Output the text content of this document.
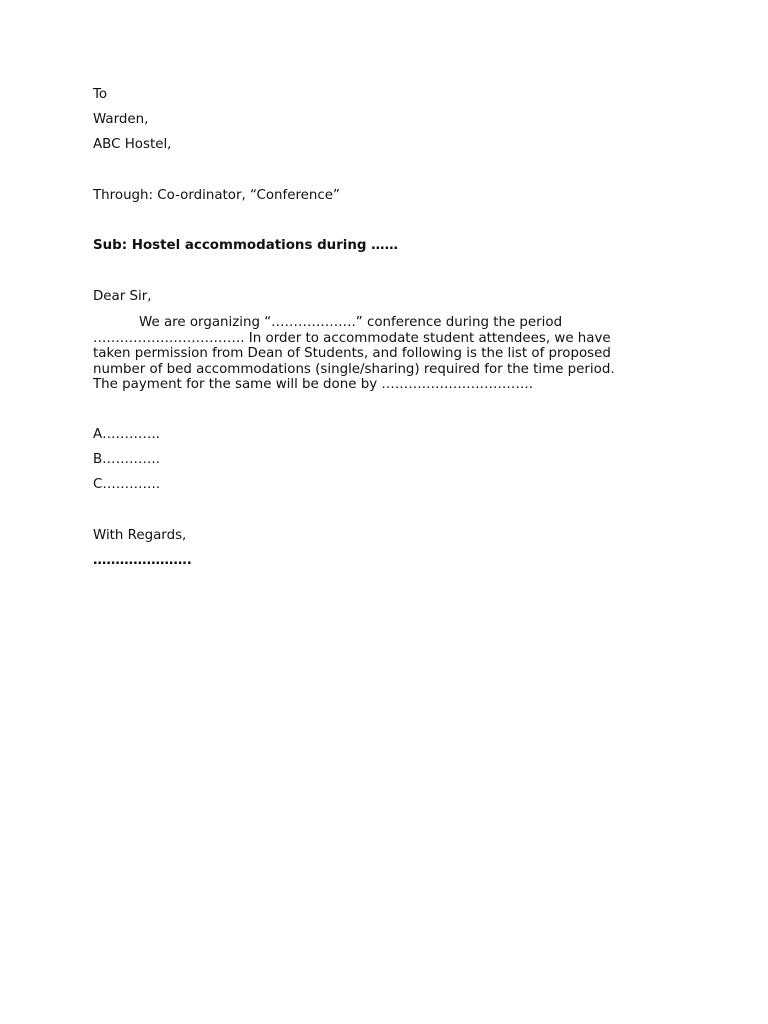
To
Warden,
ABC Hostel,
Through: Co-ordinator, “Conference”
Sub: Hostel accommodations during ……
Dear Sir,
We are organizing “……………….” conference during the period
……………………………. In order to accommodate student attendees, we have
taken permission from Dean of Students, and following is the list of proposed
number of bed accommodations (single/sharing) required for the time period.
The payment for the same will be done by …………………………….
A………….
B………….
C………….
With Regards,
………………….
